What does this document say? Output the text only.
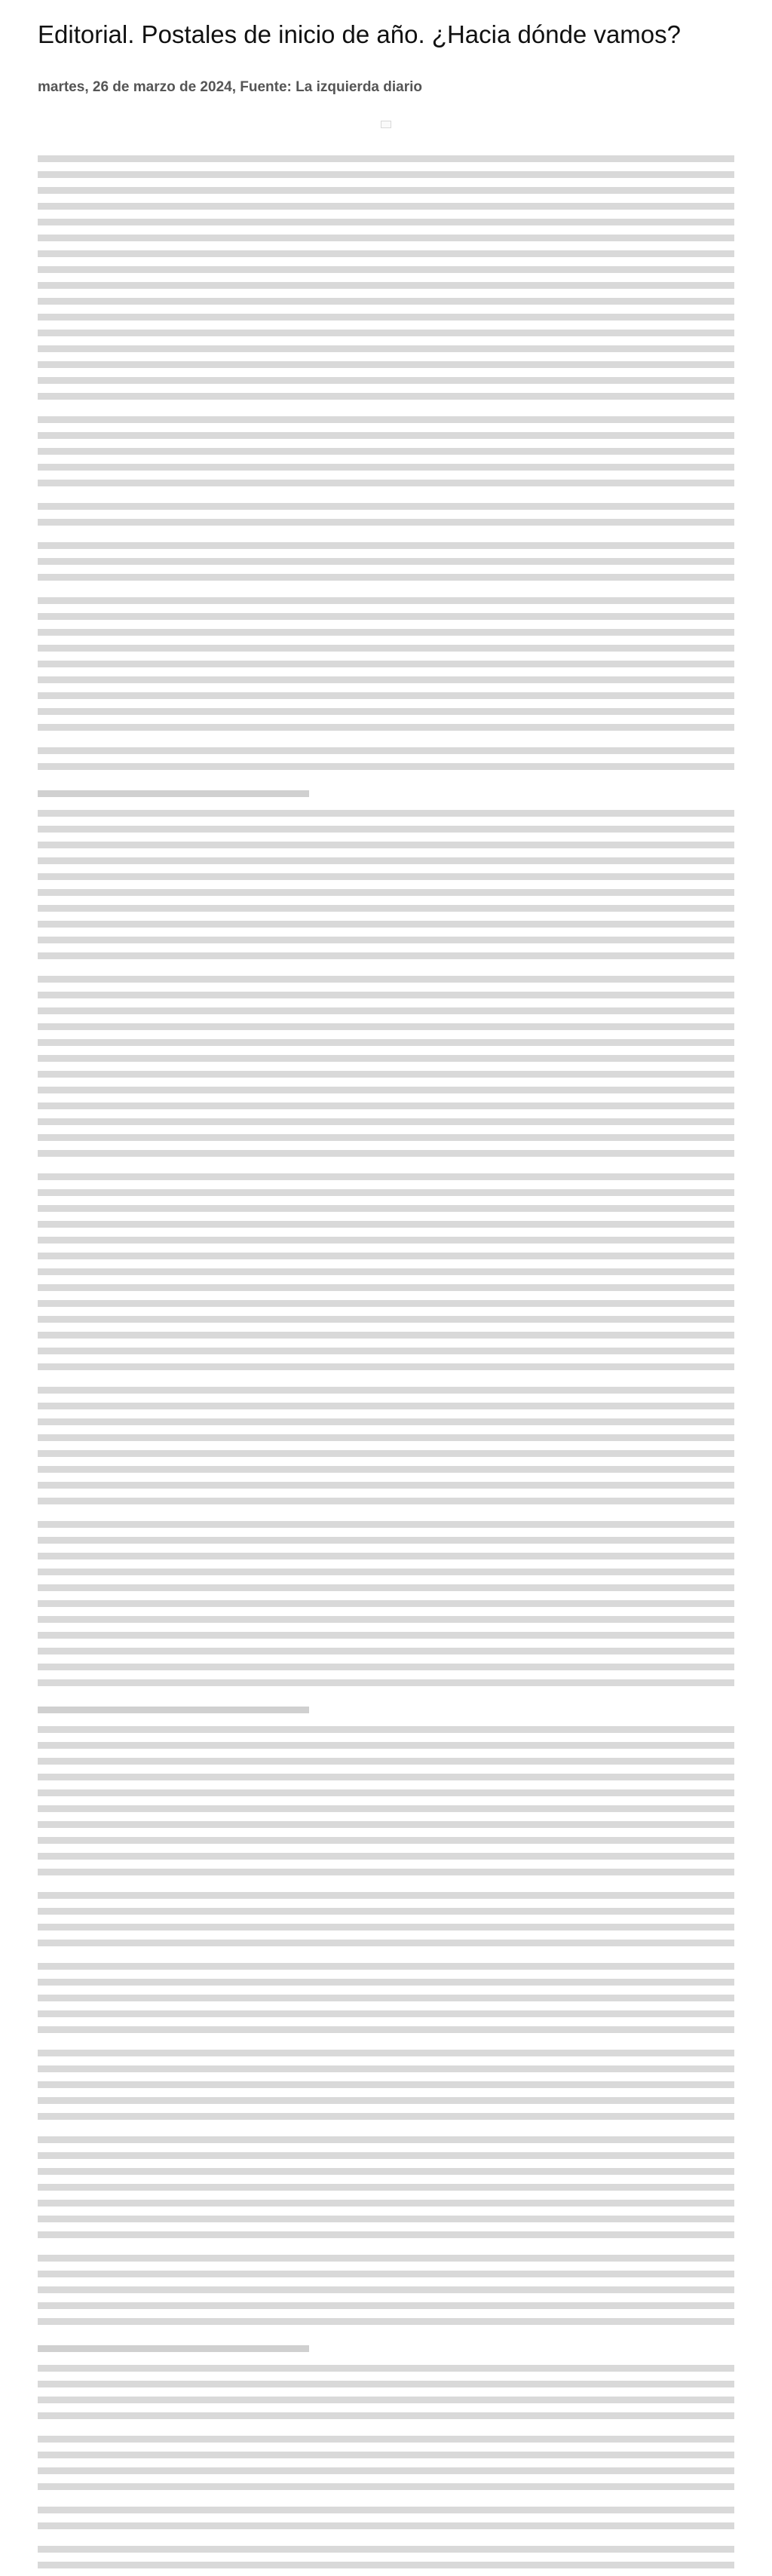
Editorial. Postales de inicio de año. ¿Hacia dónde vamos?
martes, 26 de marzo de 2024, Fuente: La izquierda diario
